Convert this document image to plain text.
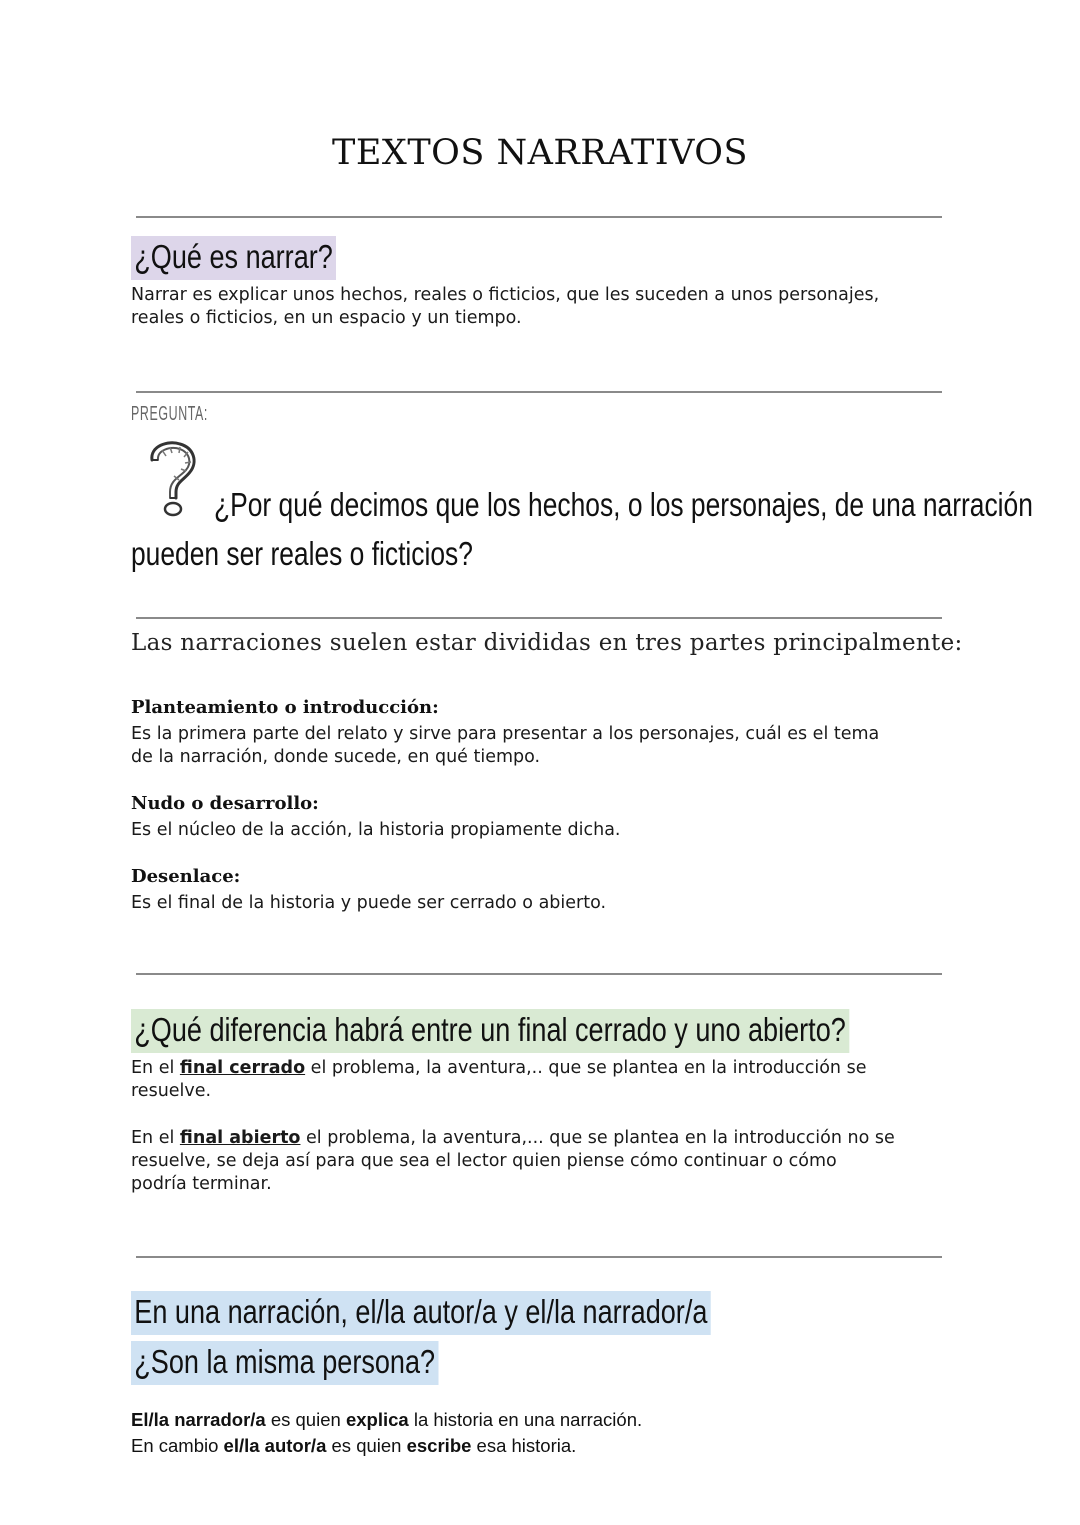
TEXTOS NARRATIVOS
¿Qué es narrar?
Narrar es explicar unos hechos, reales o ficticios, que les suceden a unos personajes,
reales o ficticios, en un espacio y un tiempo.
PREGUNTA:
¿Por qué decimos que los hechos, o los personajes, de una narración
pueden ser reales o ficticios?
Las narraciones suelen estar divididas en tres partes principalmente:
Planteamiento o introducción:
Es la primera parte del relato y sirve para presentar a los personajes, cuál es el tema
de la narración, donde sucede, en qué tiempo.
Nudo o desarrollo:
Es el núcleo de la acción, la historia propiamente dicha.
Desenlace:
Es el final de la historia y puede ser cerrado o abierto.
¿Qué diferencia habrá entre un final cerrado y uno abierto?
En el final cerrado el problema, la aventura,.. que se plantea en la introducción se
resuelve.
En el final abierto el problema, la aventura,... que se plantea en la introducción no se
resuelve, se deja así para que sea el lector quien piense cómo continuar o cómo
podría terminar.
En una narración, el/la autor/a y el/la narrador/a
¿Son la misma persona?
El/la narrador/a es quien explica la historia en una narración.
En cambio el/la autor/a es quien escribe esa historia.
